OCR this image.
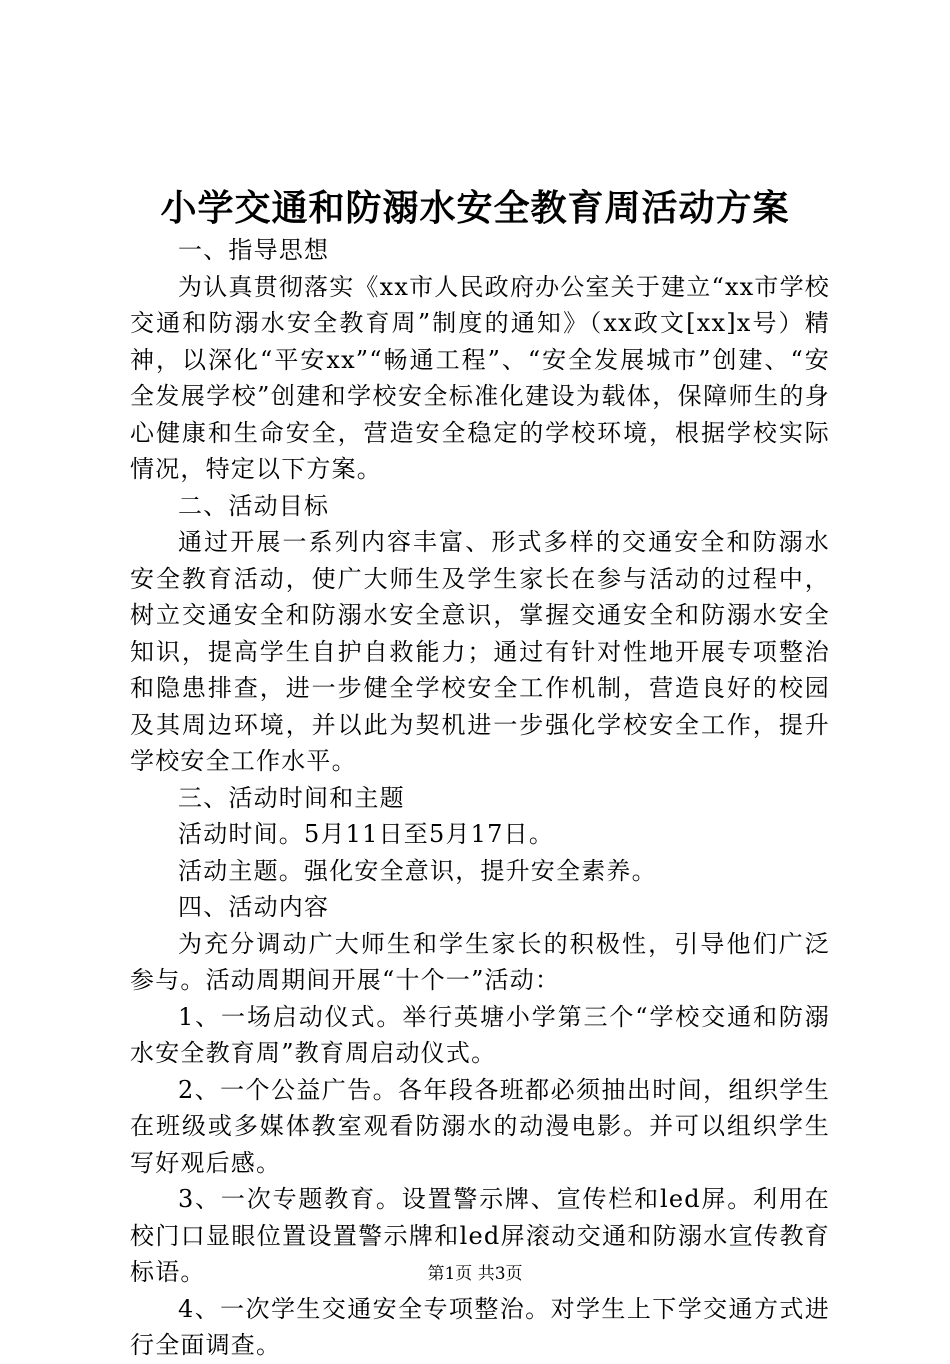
小学交通和防溺水安全教育周活动方案

一、指导思想

为认真贯彻落实《xx市人民政府办公室关于建立“xx市学校交通和防溺水安全教育周”制度的通知》（xx政文[xx]x号）精神，以深化“平安xx”“畅通工程”、“安全发展城市”创建、“安全发展学校”创建和学校安全标准化建设为载体，保障师生的身心健康和生命安全，营造安全稳定的学校环境，根据学校实际情况，特定以下方案。

二、活动目标

通过开展一系列内容丰富、形式多样的交通安全和防溺水安全教育活动，使广大师生及学生家长在参与活动的过程中，树立交通安全和防溺水安全意识，掌握交通安全和防溺水安全知识，提高学生自护自救能力；通过有针对性地开展专项整治和隐患排查，进一步健全学校安全工作机制，营造良好的校园及其周边环境，并以此为契机进一步强化学校安全工作，提升学校安全工作水平。

三、活动时间和主题

活动时间。5月11日至5月17日。

活动主题。强化安全意识，提升安全素养。

四、活动内容

为充分调动广大师生和学生家长的积极性，引导他们广泛参与。活动周期间开展“十个一”活动：

1、一场启动仪式。举行英塘小学第三个“学校交通和防溺水安全教育周”教育周启动仪式。

2、一个公益广告。各年段各班都必须抽出时间，组织学生在班级或多媒体教室观看防溺水的动漫电影。并可以组织学生写好观后感。

3、一次专题教育。设置警示牌、宣传栏和led屏。利用在校门口显眼位置设置警示牌和led屏滚动交通和防溺水宣传教育标语。

4、一次学生交通安全专项整治。对学生上下学交通方式进行全面调查。

第1页 共3页
